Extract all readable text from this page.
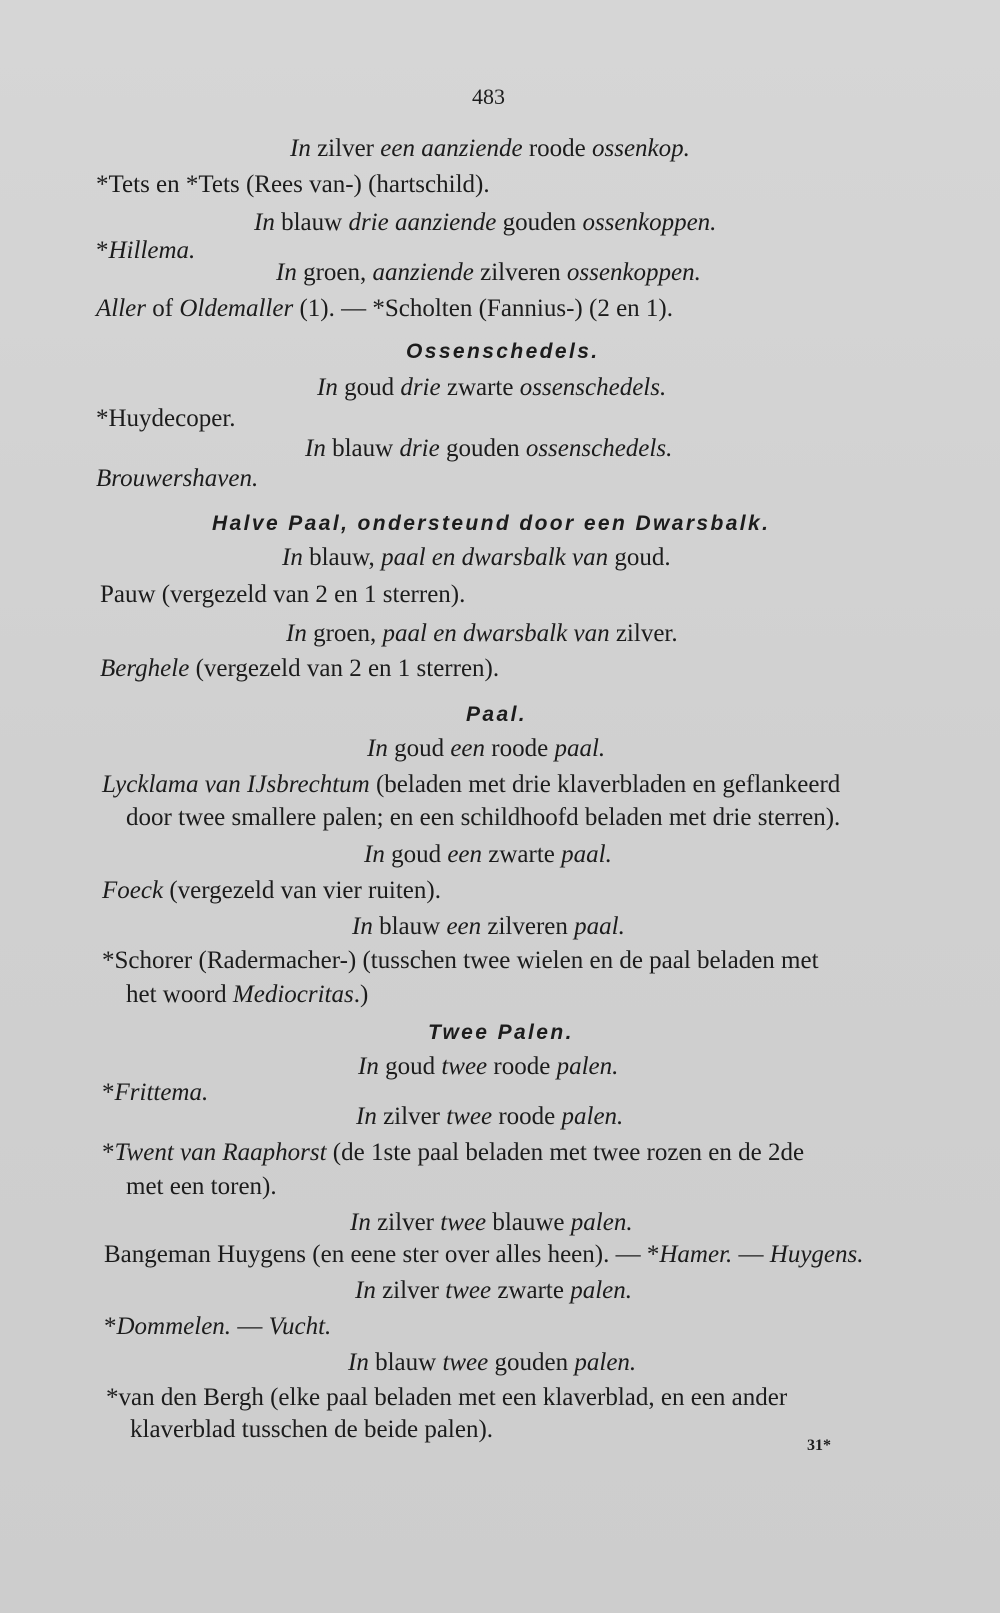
483
In zilver een aanziende roode ossenkop.
*Tets en *Tets (Rees van-) (hartschild).
In blauw drie aanziende gouden ossenkoppen.
*Hillema.
In groen, aanziende zilveren ossenkoppen.
Aller of Oldemaller (1). — *Scholten (Fannius-) (2 en 1).
Ossenschedels.
In goud drie zwarte ossenschedels.
*Huydecoper.
In blauw drie gouden ossenschedels.
Brouwershaven.
Halve Paal, ondersteund door een Dwarsbalk.
In blauw, paal en dwarsbalk van goud.
Pauw (vergezeld van 2 en 1 sterren).
In groen, paal en dwarsbalk van zilver.
Berghele (vergezeld van 2 en 1 sterren).
Paal.
In goud een roode paal.
Lycklama van IJsbrechtum (beladen met drie klaverbladen en geflankeerd
door twee smallere palen; en een schildhoofd beladen met drie sterren).
In goud een zwarte paal.
Foeck (vergezeld van vier ruiten).
In blauw een zilveren paal.
*Schorer (Radermacher-) (tusschen twee wielen en de paal beladen met
het woord Mediocritas.)
Twee Palen.
In goud twee roode palen.
*Frittema.
In zilver twee roode palen.
*Twent van Raaphorst (de 1ste paal beladen met twee rozen en de 2de
met een toren).
In zilver twee blauwe palen.
Bangeman Huygens (en eene ster over alles heen). — *Hamer. — Huygens.
In zilver twee zwarte palen.
*Dommelen. — Vucht.
In blauw twee gouden palen.
*van den Bergh (elke paal beladen met een klaverblad, en een ander
klaverblad tusschen de beide palen).
31*
